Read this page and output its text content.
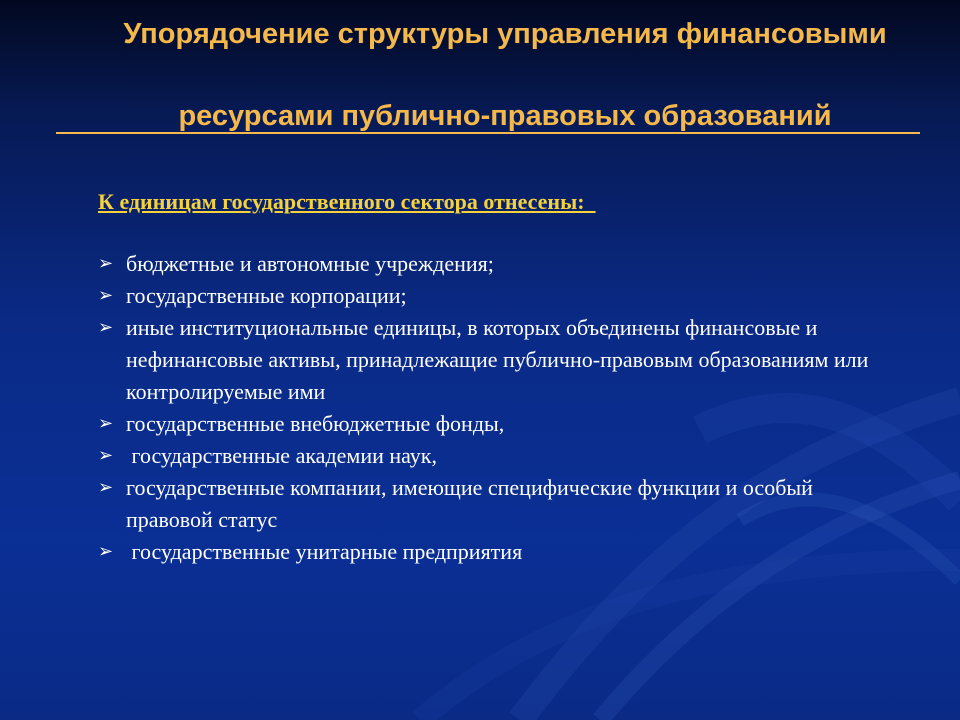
Упорядочение структуры управления финансовыми
ресурсами публично-правовых образований
К единицам государственного сектора отнесены:
➢ бюджетные и автономные учреждения;
➢ государственные корпорации;
➢ иные институциональные единицы, в которых объединены финансовые и нефинансовые активы, принадлежащие публично-правовым образованиям или контролируемые ими
➢ государственные внебюджетные фонды,
➢ государственные академии наук,
➢ государственные компании, имеющие специфические функции и особый правовой статус
➢ государственные унитарные предприятия
